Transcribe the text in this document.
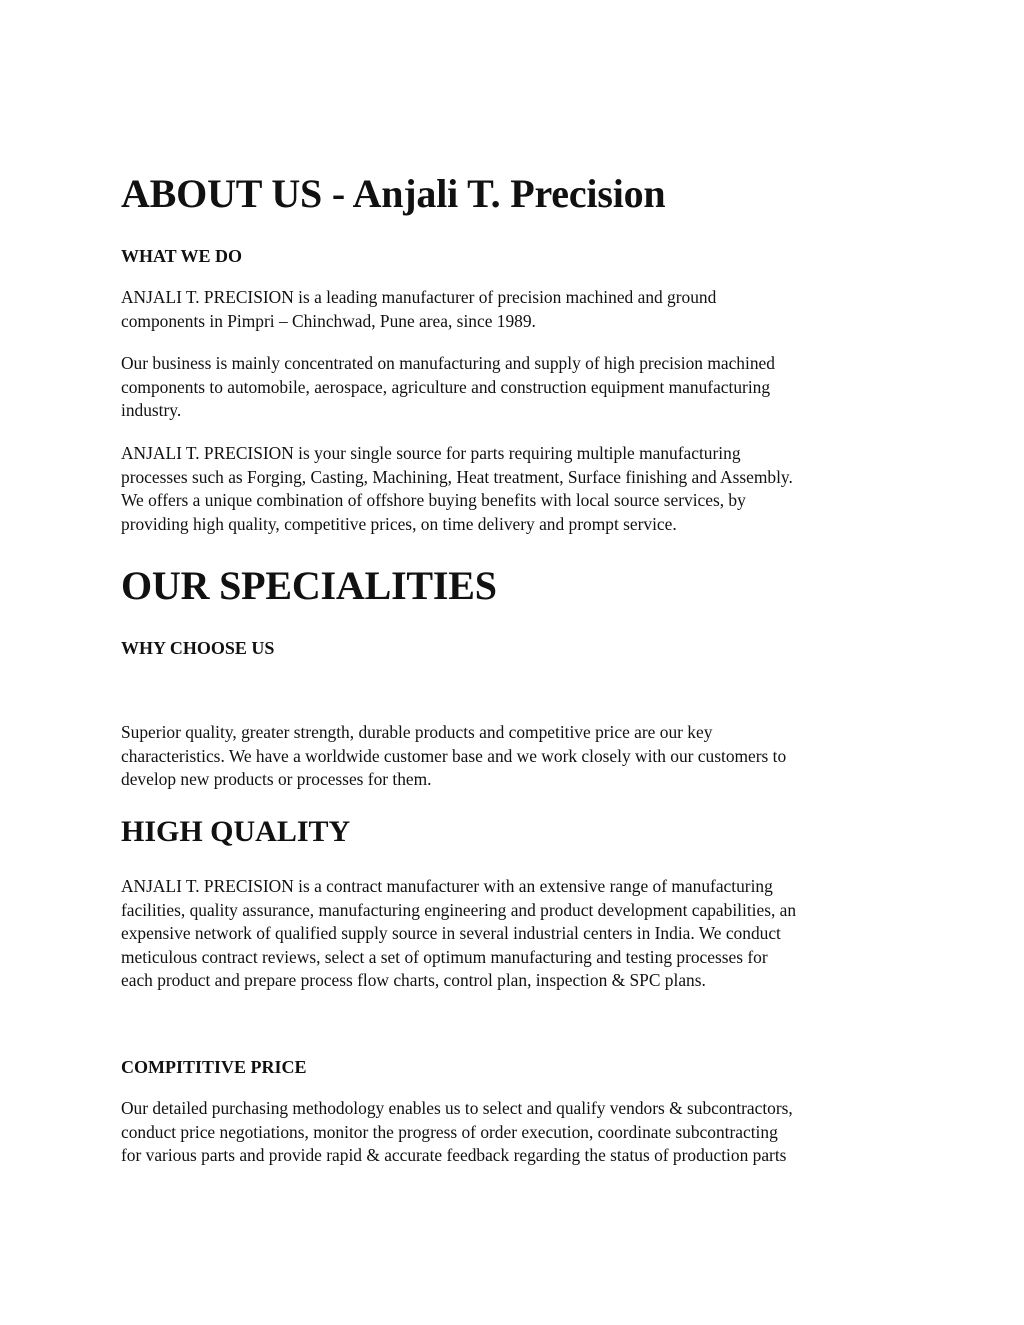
ABOUT US - Anjali T. Precision
WHAT WE DO
ANJALI T. PRECISION is a leading manufacturer of precision machined and ground
components in Pimpri – Chinchwad, Pune area, since 1989.
Our business is mainly concentrated on manufacturing and supply of high precision machined
components to automobile, aerospace, agriculture and construction equipment manufacturing
industry.
ANJALI T. PRECISION is your single source for parts requiring multiple manufacturing
processes such as Forging, Casting, Machining, Heat treatment, Surface finishing and Assembly.
We offers a unique combination of offshore buying benefits with local source services, by
providing high quality, competitive prices, on time delivery and prompt service.
OUR SPECIALITIES
WHY CHOOSE US
Superior quality, greater strength, durable products and competitive price are our key
characteristics. We have a worldwide customer base and we work closely with our customers to
develop new products or processes for them.
HIGH QUALITY
ANJALI T. PRECISION is a contract manufacturer with an extensive range of manufacturing
facilities, quality assurance, manufacturing engineering and product development capabilities, an
expensive network of qualified supply source in several industrial centers in India. We conduct
meticulous contract reviews, select a set of optimum manufacturing and testing processes for
each product and prepare process flow charts, control plan, inspection & SPC plans.
COMPITITIVE PRICE
Our detailed purchasing methodology enables us to select and qualify vendors & subcontractors,
conduct price negotiations, monitor the progress of order execution, coordinate subcontracting
for various parts and provide rapid & accurate feedback regarding the status of production parts
